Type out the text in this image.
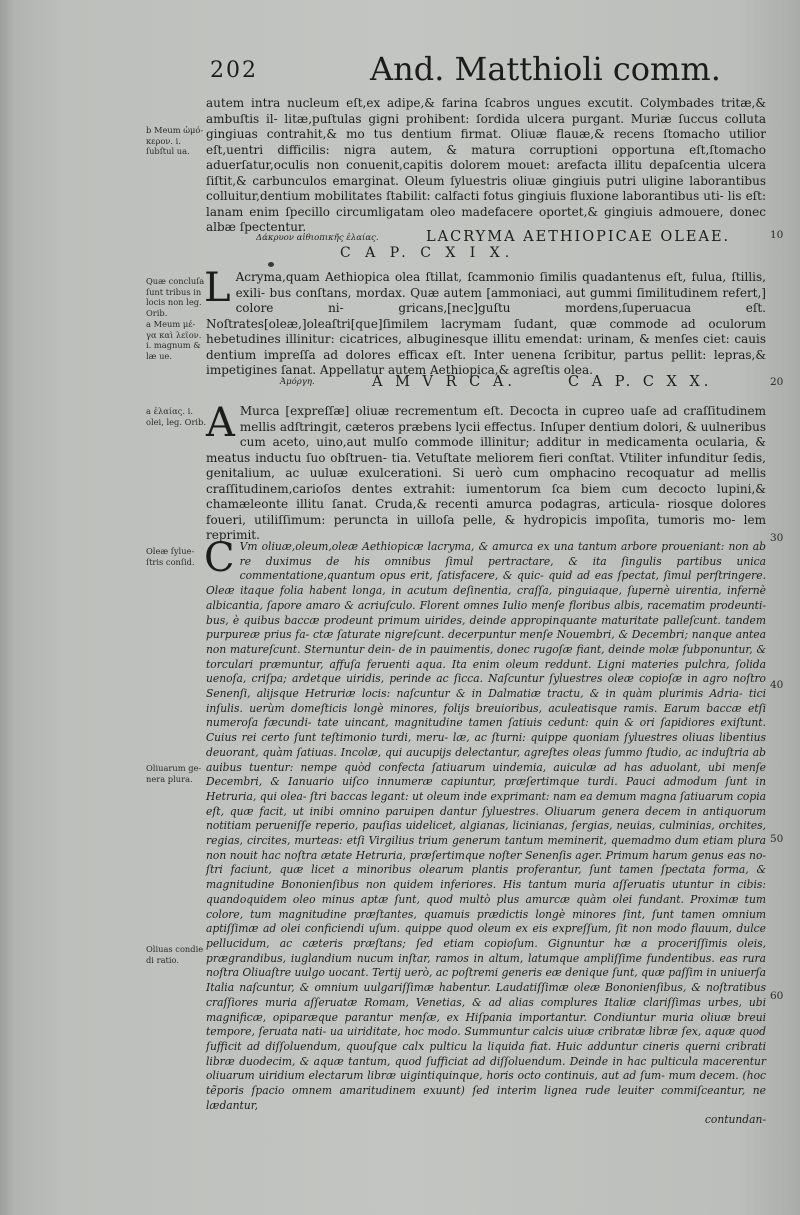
202	And. Matthioli comm.

autem intra nucleum eſt,ex adipe,& farina ſcabros ungues excutit. Colymbades tritæ,& ambuſtis il- litæ,puſtulas gigni prohibent: ſordida ulcera purgant. Muriæ ſuccus colluta gingiuas contrahit,& mo tus dentium firmat. Oliuæ flauæ,& recens ſtomacho utilior eſt,uentri difficilis: nigra autem, & matura corruptioni opportuna eſt,ſtomacho aduerſatur,oculis non conuenit,capitis dolorem mouet: arefacta illitu depaſcentia ulcera ſiſtit,& carbunculos emarginat. Oleum ſyluestris oliuæ gingiuis putri uligine laborantibus colluitur,dentium mobilitates ſtabilit: calfacti fotus gingiuis fluxione laborantibus uti- lis eſt: lanam enim ſpecillo circumligatam oleo madefacere oportet,& gingiuis admouere, donec albæ ſpectentur.

Δάκρυον αἰθιοπικῆς ἐλαίας.	LACRYMA AETHIOPICAE OLEAE.
C A P. C X I X.
L Acryma,quam Aethiopica olea ſtillat, ſcammonio ſimilis quadantenus eſt, fulua, ſtillis, exili- bus conſtans, mordax. Quæ autem [ammoniaci, aut gummi ſimilitudinem refert,] colore ni- gricans,[nec]guſtu mordens,ſuperuacua eſt. Noſtrates[oleæ,]oleaſtri[que]ſimilem lacrymam ſudant, quæ commode ad oculorum hebetudines illinitur: cicatrices, albuginesque illitu emendat: urinam, & menſes ciet: cauis dentium impreſſa ad dolores efficax eſt. Inter uenena ſcribitur, partus pellit: lepras,& impetigines ſanat. Appellatur autem Aethiopica,& agreſtis olea.

Ἀμόργη.	A M V R C A.	C A P. C X X.
A Murca [expreſſæ] oliuæ recrementum eſt. Decocta in cupreo uaſe ad craſſitudinem mellis adſtringit, cæteros præbens lycii effectus. Inſuper dentium dolori, & uulneribus cum aceto, uino,aut mulſo commode illinitur; additur in medicamenta ocularia, & meatus inductu ſuo obſtruen- tia. Vetuſtate meliorem fieri conſtat. Vtiliter infunditur ſedis, genitalium, ac uuluæ exulcerationi. Si uerò cum omphacino recoquatur ad mellis craſſitudinem,carioſos dentes extrahit: iumentorum ſca biem cum decocto lupini,& chamæleonte illitu ſanat. Cruda,& recenti amurca podagras, articula- riosque dolores foueri, utiliſſimum: peruncta in uilloſa pelle, & hydropicis impoſita, tumoris mo- lem reprimit.

C Vm oliuæ,oleum,oleæ Aethiopicæ lacryma, & amurca ex una tantum arbore proueniant: non ab re duximus de his omnibus ſimul pertractare, & ita ſingulis partibus unica commentatione,quantum opus erit, ſatisfacere, & quic- quid ad eas ſpectat, ſimul perſtringere. Oleæ itaque folia habent longa, in acutum deſinentia, craſſa, pinguiaque, ſupernè uirentia, infernè albicantia, ſapore amaro & acriuſculo. Florent omnes Iulio menſe floribus albis, racematim prodeunti- bus, è quibus baccæ prodeunt primum uirides, deinde appropinquante maturitate palleſcunt. tandem purpureæ prius fa- ctæ ſaturate nigreſcunt. decerpuntur menſe Nouembri, & Decembri; nanque antea non matureſcunt. Sternuntur dein- de in pauimentis, donec rugoſæ fiant, deinde molæ ſubponuntur, & torculari præmuntur, affuſa feruenti aqua. Ita enim oleum reddunt. Ligni materies pulchra, ſolida uenoſa, criſpa; ardetque uiridis, perinde ac ſicca. Naſcuntur ſyluestres oleæ copioſæ in agro noſtro Senenſi, alijsque Hetruriæ locis: naſcuntur & in Dalmatiæ tractu, & in quàm plurimis Adria- tici inſulis. uerùm domeſticis longè minores, folijs breuioribus, aculeatisque ramis. Earum baccæ etſi numeroſa fæcundi- tate uincant, magnitudine tamen ſatiuis cedunt: quin & ori ſapidiores exiſtunt. Cuius rei certo ſunt teſtimonio turdi, meru- læ, ac ſturni: quippe quoniam ſyluestres oliuas libentius deuorant, quàm ſatiuas. Incolæ, qui aucupijs delectantur, agreſtes oleas ſummo ſtudio, ac induſtria ab auibus tuentur: nempe quòd confecta ſatiuarum uindemia, auiculæ ad has aduolant, ubi menſe Decembri, & Ianuario uiſco innumeræ capiuntur, præſertimque turdi. Pauci admodum ſunt in Hetruria, qui olea- ſtri baccas legant: ut oleum inde exprimant: nam ea demum magna ſatiuarum copia eſt, quæ facit, ut inibi omnino paruipen dantur ſyluestres. Oliuarum genera decem in antiquorum notitiam perueniſſe reperio, pauſias uidelicet, algianas, licinianas, ſergias, neuias, culminias, orchites, regias, circites, murteas: etſi Virgilius trium generum tantum meminerit, quemadmo dum etiam plura non nouit hac noſtra ætate Hetruria, præſertimque noſter Senenſis ager. Primum harum genus eas no- ſtri faciunt, quæ licet a minoribus olearum plantis proferantur, ſunt tamen ſpectata forma, & magnitudine Bononienſibus non quidem inferiores. His tantum muria aſſeruatis utuntur in cibis: quandoquidem oleo minus aptæ ſunt, quod multò plus amurcæ quàm olei fundant. Proximæ tum colore, tum magnitudine præſtantes, quamuis prædictis longè minores ſint, ſunt tamen omnium aptiſſimæ ad olei conficiendi uſum. quippe quod oleum ex eis expreſſum, ſit non modo flauum, dulce pellucidum, ac cæteris præſtans; ſed etiam copioſum. Gignuntur hæ a proceriſſimis oleis, prægrandibus, iuglandium nucum inſtar, ramos in altum, latumque ampliſſime fundentibus. eas rura noſtra Oliuaſtre uulgo uocant. Tertij uerò, ac poſtremi generis eæ denique ſunt, quæ paſſim in uniuerſa Italia naſcuntur, & omnium uulgariſſimæ habentur. Laudatiſſimæ oleæ Bononienſibus, & noſtratibus craſſiores muria aſſeruatæ Romam, Venetias, & ad alias complures Italiæ clariſſimas urbes, ubi magnificæ, opiparæque parantur menſæ, ex Hiſpania importantur. Condiuntur muria oliuæ breui tempore, ſeruata nati- ua uiriditate, hoc modo. Summuntur calcis uiuæ cribratæ libræ ſex, aquæ quod ſufficit ad diſſoluendum, quouſque calx pulticu la liquida fiat. Huic adduntur cineris querni cribrati libræ duodecim, & aquæ tantum, quod ſufficiat ad diſſoluendum. Deinde in hac pulticula macerentur oliuarum uiridium electarum libræ uigintiquinque, horis octo continuis, aut ad ſum- mum decem. (hoc tẽporis ſpacio omnem amaritudinem exuunt) ſed interim lignea rude leuiter commiſceantur, ne lædantur,

contundan-

b Meum ὠμό- κερον. i. ſubſtul ua.
Quæ concluſa ſunt tribus in locis non leg. Orib.
a Meum μέ- γα καὶ λεῖον. i. magnum & læ ue.
a ἐλαίας. i. olei, leg. Orib.
Oleæ ſylue- ſtris conſid.
Oliuarum ge- nera plura.
Oliuas condie di ratio.
10
20
30
40
50
60
